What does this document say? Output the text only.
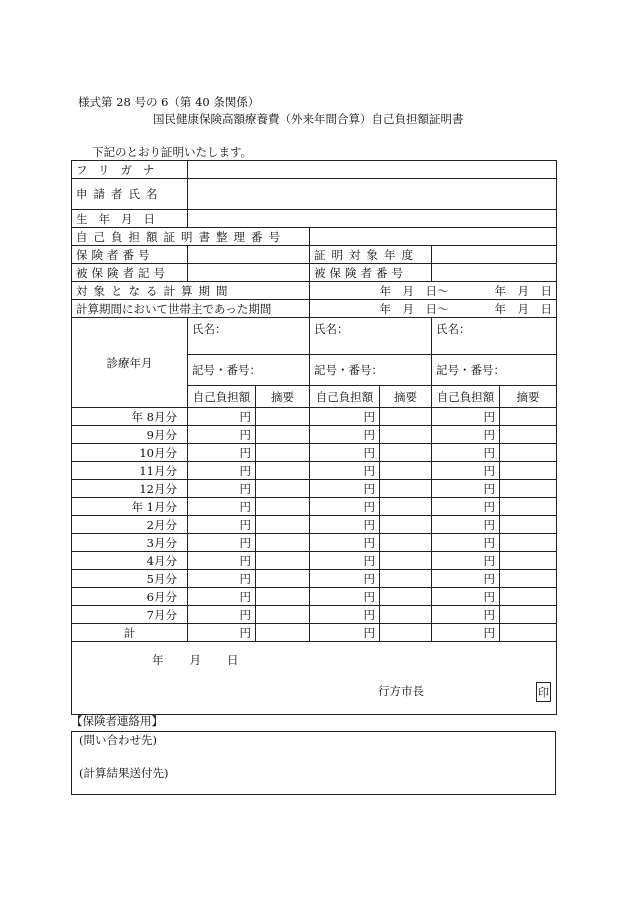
様式第 28 号の 6（第 40 条関係）
国民健康保険高額療養費（外来年間合算）自己負担額証明書
下記のとおり証明いたします。
フリガナ						
申請者氏名						
生年月日						
自己負担額証明書整理番号						
保険者番号			証明対象年度			
被保険者記号			被保険者番号			
対象となる計算期間			年　月　日～　　　　年　月　日			
計算期間において世帯主であった期間			年　月　日～　　　　年　月　日			
診療年月	氏名：		氏名：		氏名：	
	記号・番号：		記号・番号：		記号・番号：	
	自己負担額	摘要	自己負担額	摘要	自己負担額	摘要
年 8月分	円		円		円	
9月分	円		円		円	
10月分	円		円		円	
11月分	円		円		円	
12月分	円		円		円	
年 1月分	円		円		円	
2月分	円		円		円	
3月分	円		円		円	
4月分	円		円		円	
5月分	円		円		円	
6月分	円		円		円	
7月分	円		円		円	
計	円		円		円	

年　　月　　日
行方市長 印						
【保険者連絡用】
(問い合わせ先)
(計算結果送付先)
